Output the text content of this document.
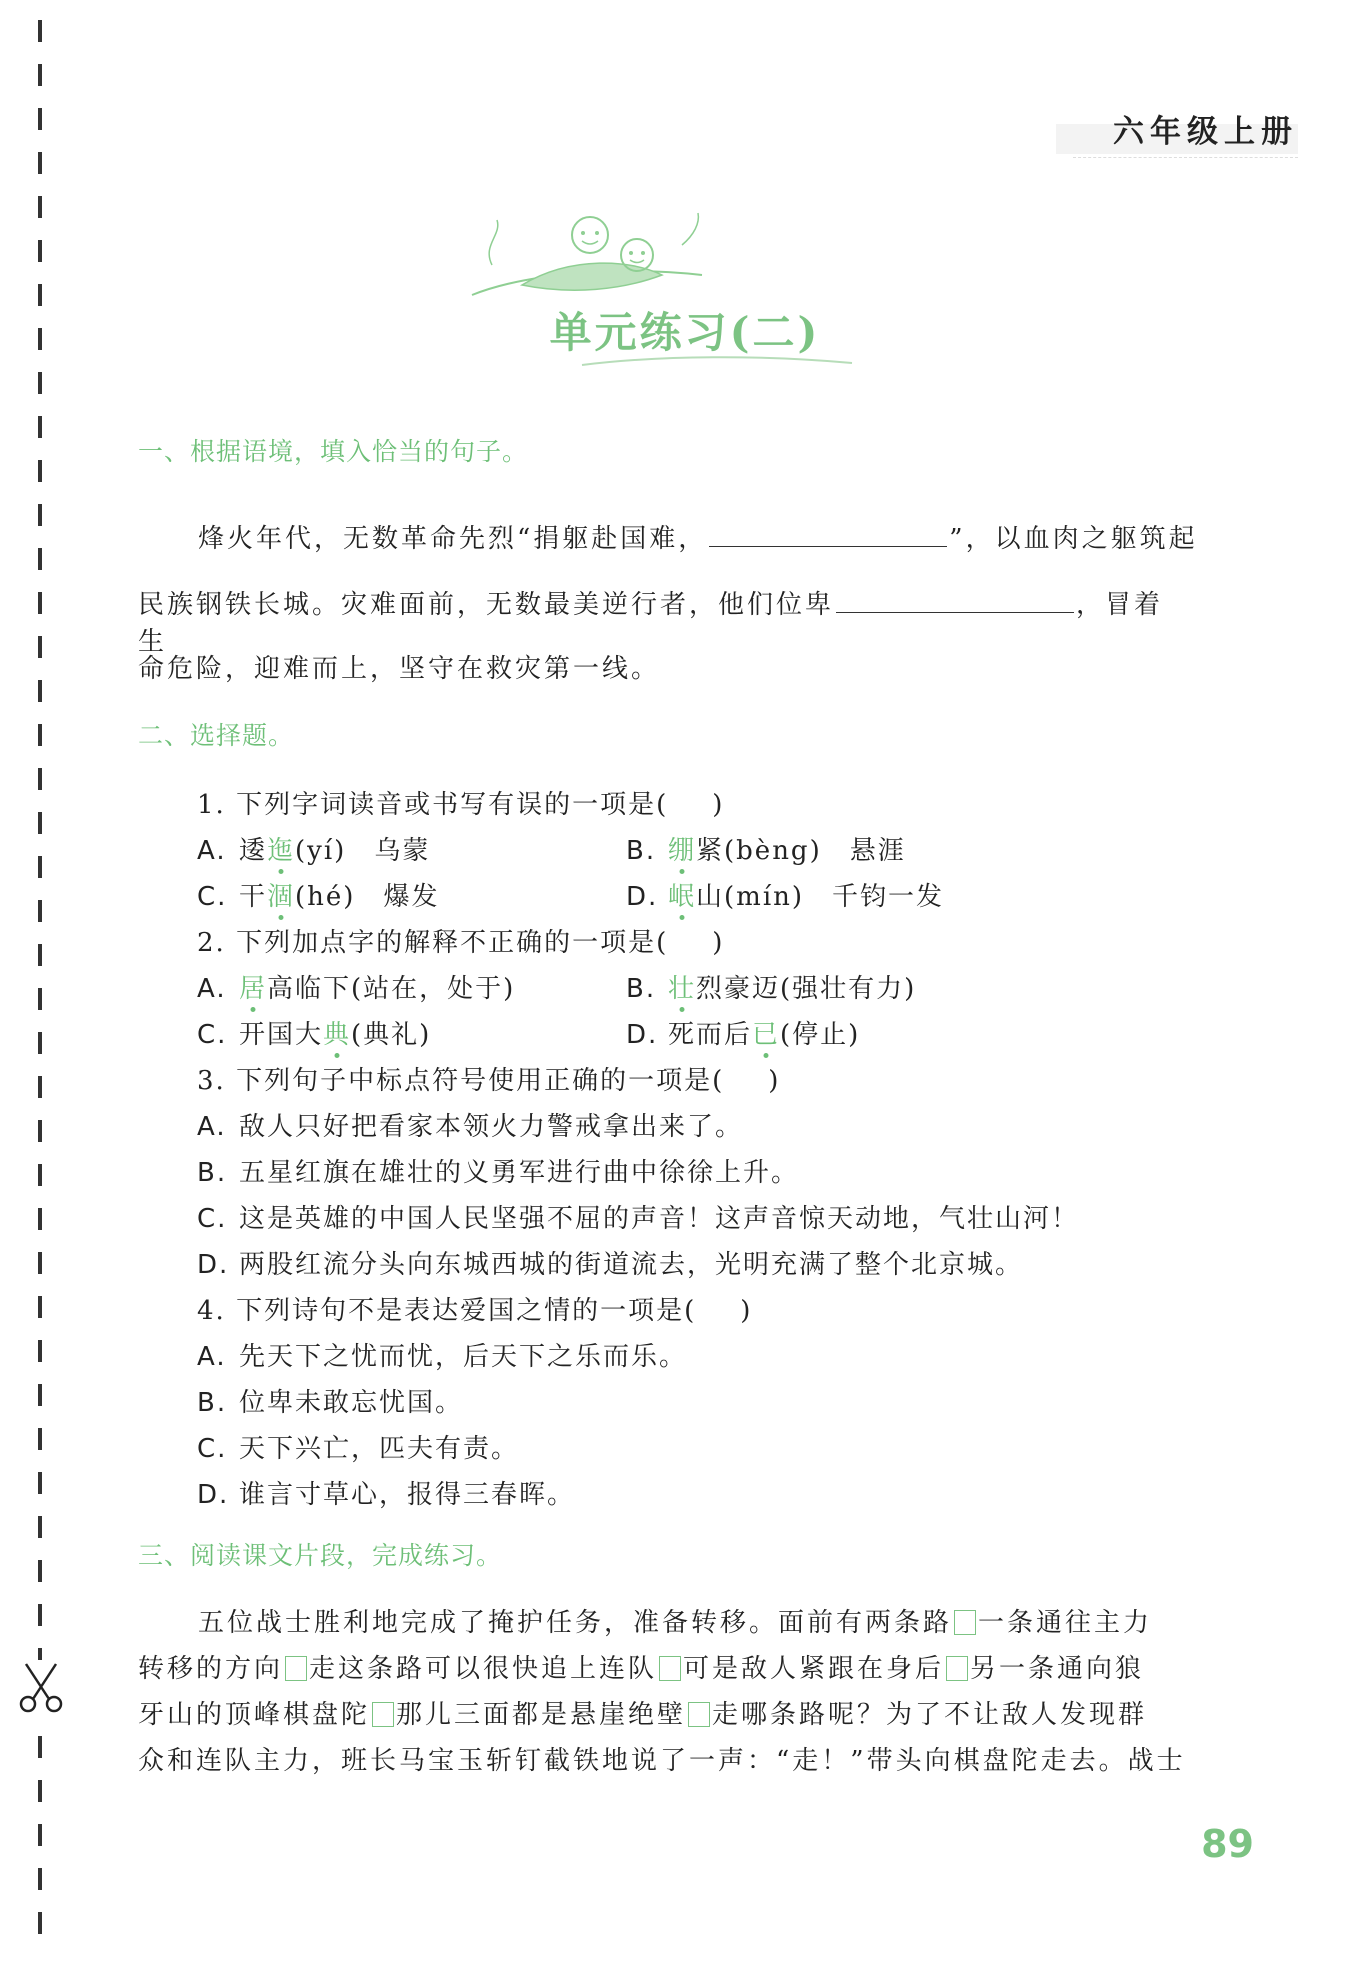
六年级上册
单元练习(二)
一、根据语境，填入恰当的句子。
烽火年代，无数革命先烈“捐躯赴国难，	”，以血肉之躯筑起
民族钢铁长城。灾难面前，无数最美逆行者，他们位卑	，冒着生
命危险，迎难而上，坚守在救灾第一线。
二、选择题。
1. 下列字词读音或书写有误的一项是( )
A. 逶迤(yí)　乌蒙	B. 绷紧(bèng)　悬涯
C. 干涸(hé)　爆发	D. 岷山(mín)　千钧一发
2. 下列加点字的解释不正确的一项是( )
A. 居高临下(站在，处于)	B. 壮烈豪迈(强壮有力)
C. 开国大典(典礼)	D. 死而后已(停止)
3. 下列句子中标点符号使用正确的一项是( )
A. 敌人只好把看家本领火力警戒拿出来了。
B. 五星红旗在雄壮的义勇军进行曲中徐徐上升。
C. 这是英雄的中国人民坚强不屈的声音！这声音惊天动地，气壮山河！
D. 两股红流分头向东城西城的街道流去，光明充满了整个北京城。
4. 下列诗句不是表达爱国之情的一项是( )
A. 先天下之忧而忧，后天下之乐而乐。
B. 位卑未敢忘忧国。
C. 天下兴亡，匹夫有责。
D. 谁言寸草心，报得三春晖。
三、阅读课文片段，完成练习。
五位战士胜利地完成了掩护任务，准备转移。面前有两条路 一条通往主力
转移的方向 走这条路可以很快追上连队 可是敌人紧跟在身后 另一条通向狼
牙山的顶峰棋盘陀 那儿三面都是悬崖绝壁 走哪条路呢？为了不让敌人发现群
众和连队主力，班长马宝玉斩钉截铁地说了一声：“走！”带头向棋盘陀走去。战士
89
